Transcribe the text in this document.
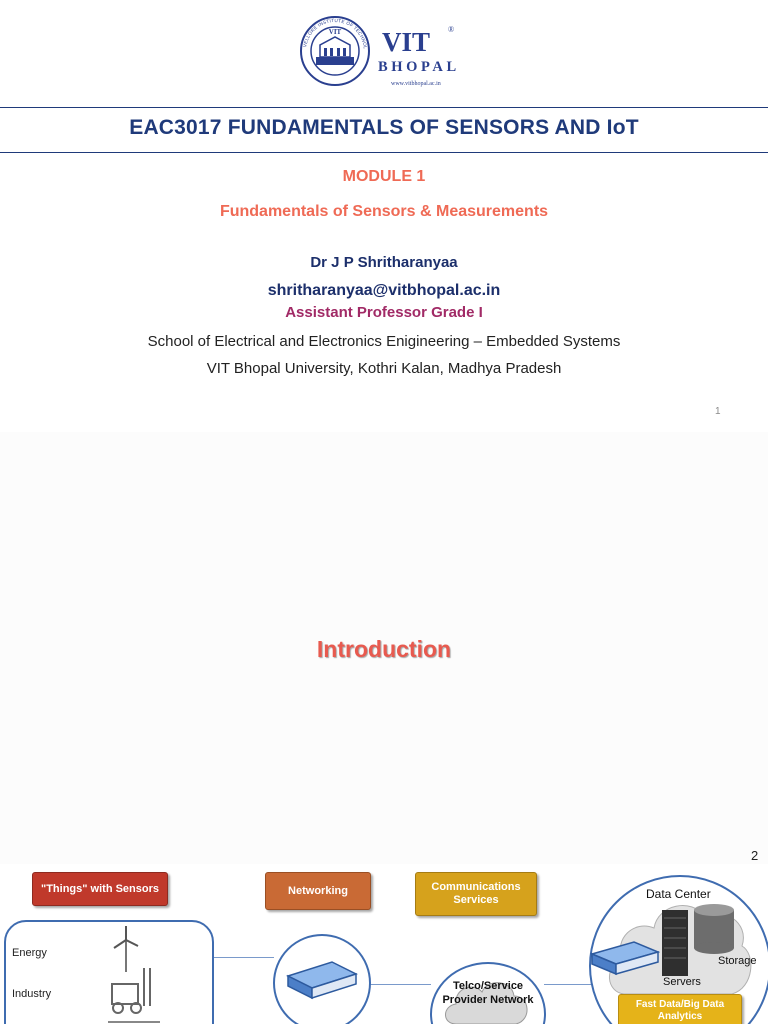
VIT
VELLORE INSTITUTE OF TECHNOL VIT ®
BHOPAL
www.vitbhopal.ac.in
EAC3017 FUNDAMENTALS OF SENSORS AND IoT
MODULE 1
Fundamentals of Sensors & Measurements
Dr J P Shritharanyaa
shritharanyaa@vitbhopal.ac.in
Assistant Professor Grade I
School of Electrical and Electronics Enigineering – Embedded Systems
VIT Bhopal University, Kothri Kalan, Madhya Pradesh
1
Introduction
2
"Things" with Sensors	Networking	Communications Services
Energy
Industry
Telco/Service Provider Network
Data Center
Storage
Servers
Fast Data/Big Data Analytics
